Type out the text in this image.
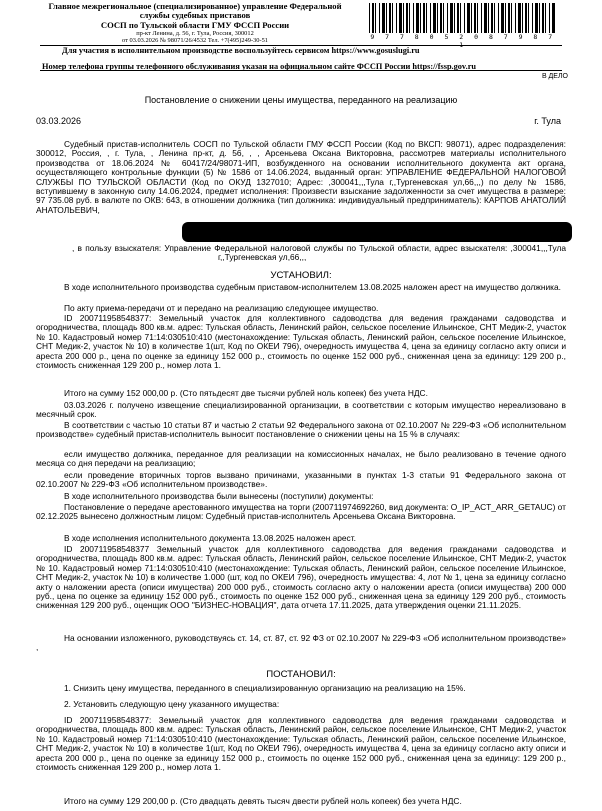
Главное межрегиональное (специализированное) управление Федеральной
службы судебных приставов
СОСП по Тульской области ГМУ ФССП России
пр-кт Ленина, д. 56, г. Тула, Россия, 300012
от 03.03.2026 № 98071/26/4532 Тел. +7(495)249-30-51	9 7 7 8 0 5 2 0 8 7 9 8 7 1
Для участия в исполнительном производстве воспользуйтесь сервисом https://www.gosuslugi.ru
Номер телефона группы телефонного обслуживания указан на официальном сайте ФССП России https://fssp.gov.ru
В ДЕЛО
Постановление о снижении цены имущества, переданного на реализацию
03.03.2026	г. Тула
Судебный пристав-исполнитель СОСП по Тульской области ГМУ ФССП России (Код по ВКСП: 98071), адрес подразделения: 300012, Россия, , г. Тула, , Ленина пр-кт, д. 56, , , Арсеньева Оксана Викторовна, рассмотрев материалы исполнительного производства от 18.06.2024 № 60417/24/98071-ИП, возбужденного на основании исполнительного документа акт органа, осуществляющего контрольные функции (5) № 1586 от 14.06.2024, выданный орган: УПРАВЛЕНИЕ ФЕДЕРАЛЬНОЙ НАЛОГОВОЙ СЛУЖБЫ ПО ТУЛЬСКОЙ ОБЛАСТИ (Код по ОКУД 1327010; Адрес: ,300041,,,Тула г,,Тургеневская ул,66,,,) по делу № 1586, вступившему в законную силу 14.06.2024, предмет исполнения: Произвести взыскание задолженности за счет имущества в размере: 97 735.08 руб. в валюте по ОКВ: 643, в отношении должника (тип должника: индивидуальный предприниматель): КАРПОВ АНАТОЛИЙ АНАТОЛЬЕВИЧ,
, в пользу взыскателя: Управление Федеральной налоговой службы по Тульской области, адрес взыскателя: ,300041,,,Тула г,,Тургеневская ул,66,,,
УСТАНОВИЛ:
В ходе исполнительного производства судебным приставом-исполнителем 13.08.2025 наложен арест на имущество должника.
По акту приема-передачи от и передано на реализацию следующее имущество.
ID 200711958548377: Земельный участок для коллективного садоводства для ведения гражданами садоводства и огородничества, площадь 800 кв.м. адрес: Тульская область, Ленинский район, сельское поселение Ильинское, СНТ Медик-2, участок № 10. Кадастровый номер 71:14:030510:410 (местонахождение: Тульская область, Ленинский район, сельское поселение Ильинское, СНТ Медик-2, участок № 10) в количестве 1(шт, Код по ОКЕИ 796), очередность имущества 4, цена за единицу согласно акту описи и ареста 200 000 р., цена по оценке за единицу 152 000 р., стоимость по оценке 152 000 руб., сниженная цена за единицу: 129 200 р., стоимость сниженная 129 200 р., номер лота 1.
Итого на сумму 152 000,00 р. (Сто пятьдесят две тысячи рублей ноль копеек) без учета НДС.
03.03.2026 г. получено извещение специализированной организации, в соответствии с которым имущество нереализовано в месячный срок.
В соответствии с частью 10 статьи 87 и частью 2 статьи 92 Федерального закона от 02.10.2007 № 229-ФЗ «Об исполнительном производстве» судебный пристав-исполнитель выносит постановление о снижении цены на 15 % в случаях:
если имущество должника, переданное для реализации на комиссионных началах, не было реализовано в течение одного месяца со дня передачи на реализацию;
если проведение вторичных торгов вызвано причинами, указанными в пунктах 1-3 статьи 91 Федерального закона от 02.10.2007 № 229-ФЗ «Об исполнительном производстве».
В ходе исполнительного производства были вынесены (поступили) документы:
Постановление о передаче арестованного имущества на торги (200711974692260, вид документа: O_IP_ACT_ARR_GETAUC) от 02.12.2025 вынесено должностным лицом: Судебный пристав-исполнитель Арсеньева Оксана Викторовна.
В ходе исполнения исполнительного документа 13.08.2025 наложен арест.
ID 200711958548377 Земельный участок для коллективного садоводства для ведения гражданами садоводства и огородничества, площадь 800 кв.м. адрес: Тульская область, Ленинский район, сельское поселение Ильинское, СНТ Медик-2, участок № 10. Кадастровый номер 71:14:030510:410 (местонахождение: Тульская область, Ленинский район, сельское поселение Ильинское, СНТ Медик-2, участок № 10) в количестве 1.000 (шт, код по ОКЕИ 796), очередность имущества: 4, лот № 1, цена за единицу согласно акту о наложении ареста (описи имущества) 200 000 руб., стоимость согласно акту о наложении ареста (описи имущества) 200 000 руб., цена по оценке за единицу 152 000 руб., стоимость по оценке 152 000 руб., сниженная цена за единицу 129 200 руб., стоимость сниженная 129 200 руб., оценщик ООО "БИЗНЕС-НОВАЦИЯ", дата отчета 17.11.2025, дата утверждения оценки 21.11.2025.
На основании изложенного, руководствуясь ст. 14, ст. 87, ст. 92 ФЗ от 02.10.2007 № 229-ФЗ «Об исполнительном производстве» ,
ПОСТАНОВИЛ:
1. Снизить цену имущества, переданного в специализированную организацию на реализацию на 15%.
2. Установить следующую цену указанного имущества:
ID 200711958548377: Земельный участок для коллективного садоводства для ведения гражданами садоводства и огородничества, площадь 800 кв.м. адрес: Тульская область, Ленинский район, сельское поселение Ильинское, СНТ Медик-2, участок № 10. Кадастровый номер 71:14:030510:410 (местонахождение: Тульская область, Ленинский район, сельское поселение Ильинское, СНТ Медик-2, участок № 10) в количестве 1(шт, Код по ОКЕИ 796), очередность имущества 4, цена за единицу согласно акту описи и ареста 200 000 р., цена по оценке за единицу 152 000 р., стоимость по оценке 152 000 руб., сниженная цена за единицу: 129 200 р., стоимость сниженная 129 200 р., номер лота 1.
Итого на сумму 129 200,00 р. (Сто двадцать девять тысяч двести рублей ноль копеек) без учета НДС.
